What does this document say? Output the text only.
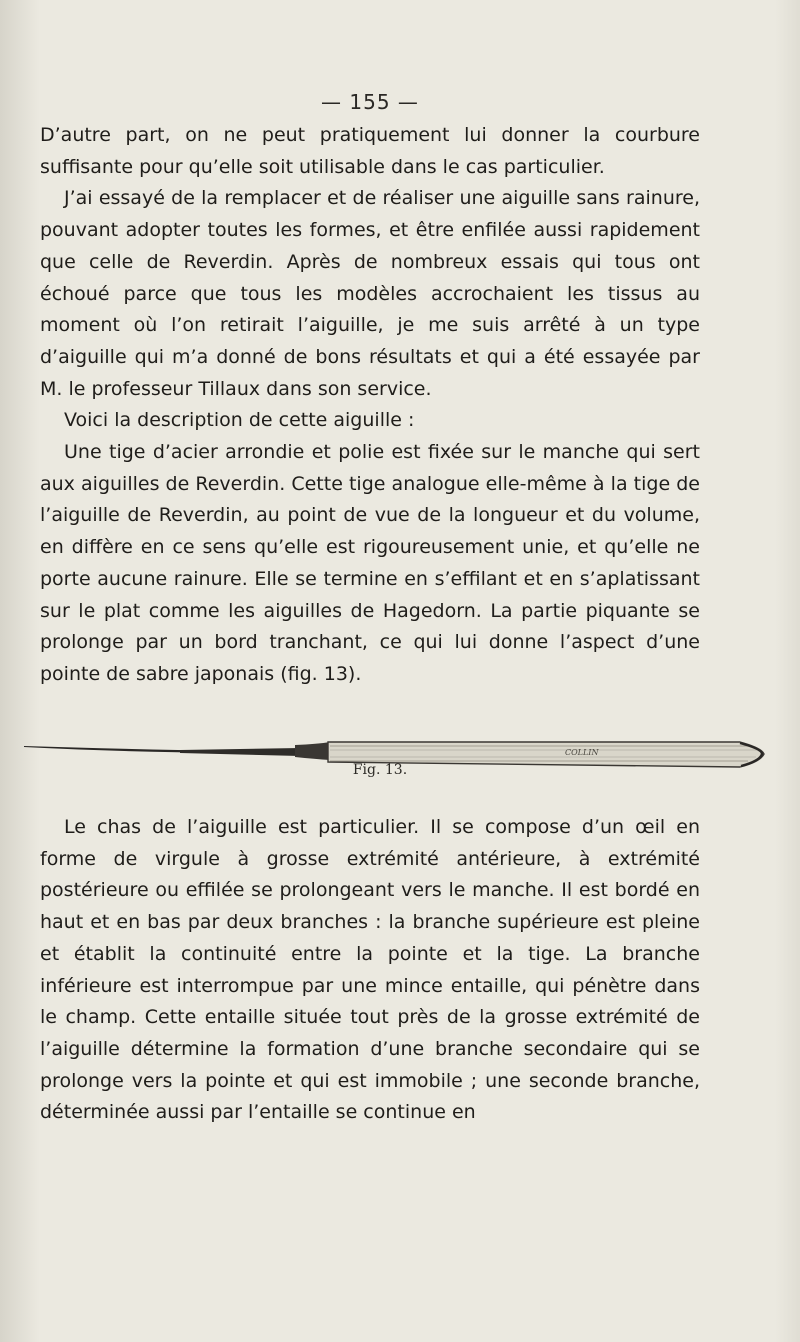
— 155 —

D’autre part, on ne peut pratiquement lui donner la courbure suffisante pour qu’elle soit utilisable dans le cas particulier.

J’ai essayé de la remplacer et de réaliser une aiguille sans rainure, pouvant adopter toutes les formes, et être enfilée aussi rapidement que celle de Reverdin. Après de nombreux essais qui tous ont échoué parce que tous les modèles accrochaient les tissus au moment où l’on retirait l’aiguille, je me suis arrêté à un type d’aiguille qui m’a donné de bons résultats et qui a été essayée par M. le professeur Tillaux dans son service.

Voici la description de cette aiguille :

Une tige d’acier arrondie et polie est fixée sur le manche qui sert aux aiguilles de Reverdin. Cette tige analogue elle-même à la tige de l’aiguille de Reverdin, au point de vue de la longueur et du volume, en diffère en ce sens qu’elle est rigoureusement unie, et qu’elle ne porte aucune rainure. Elle se termine en s’effilant et en s’aplatissant sur le plat comme les aiguilles de Hagedorn. La partie piquante se prolonge par un bord tranchant, ce qui lui donne l’aspect d’une pointe de sabre japonais (fig. 13).

COLLIN
Fig. 13.

Le chas de l’aiguille est particulier. Il se compose d’un œil en forme de virgule à grosse extrémité antérieure, à extrémité postérieure ou effilée se prolongeant vers le manche. Il est bordé en haut et en bas par deux branches : la branche supérieure est pleine et établit la continuité entre la pointe et la tige. La branche inférieure est interrompue par une mince entaille, qui pénètre dans le champ. Cette entaille située tout près de la grosse extrémité de l’aiguille détermine la formation d’une branche secondaire qui se prolonge vers la pointe et qui est immobile ; une seconde branche, déterminée aussi par l’entaille se continue en
